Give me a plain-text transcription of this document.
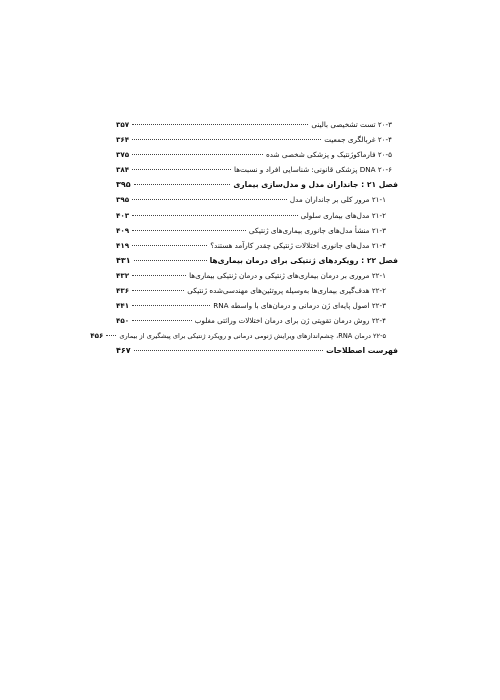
۲۰-۳ تست تشخیصی بالینی
۳۵۷
۲۰-۴ غربالگری جمعیت
۳۶۴
۲۰-۵ فارماکوژنتیک و پزشکی شخصی شده
۳۷۵
۲۰-۶ DNA پزشکی قانونی: شناسایی افراد و نسبت‌ها
۳۸۴
فصل ۲۱ : جانداران مدل و مدل‌سازی بیماری
۳۹۵
۲۱-۱ مرور کلی بر جانداران مدل
۳۹۵
۲۱-۲ مدل‌های بیماری سلولی
۴۰۳
۲۱-۳ منشأ مدل‌های جانوری بیماری‌های ژنتیکی
۴۰۹
۲۱-۴ مدل‌های جانوری اختلالات ژنتیکی چقدر کارآمد هستند؟
۴۱۹
فصل ۲۲ : رویکردهای ژنتیکی برای درمان بیماری‌ها
۴۳۱
۲۲-۱ مروری بر درمان بیماری‌های ژنتیکی و درمان ژنتیکی بیماری‌ها
۴۳۲
۲۲-۲ هدف‌گیری بیماری‌ها به‌وسیله پروتئین‌های مهندسی‌شده ژنتیکی
۴۳۶
۲۲-۳ اصول پایه‌ای ژن درمانی و درمان‌های با واسطه RNA
۴۴۱
۲۲-۴ روش درمان تقویتی ژن برای درمان اختلالات وراثتی مغلوب
۴۵۰
۲۲-۵ درمان RNA، چشم‌اندازهای ویرایش ژنومی درمانی و رویکرد ژنتیکی برای پیشگیری از بیماری
۴۵۶
فهرست اصطلاحات
۴۶۷
